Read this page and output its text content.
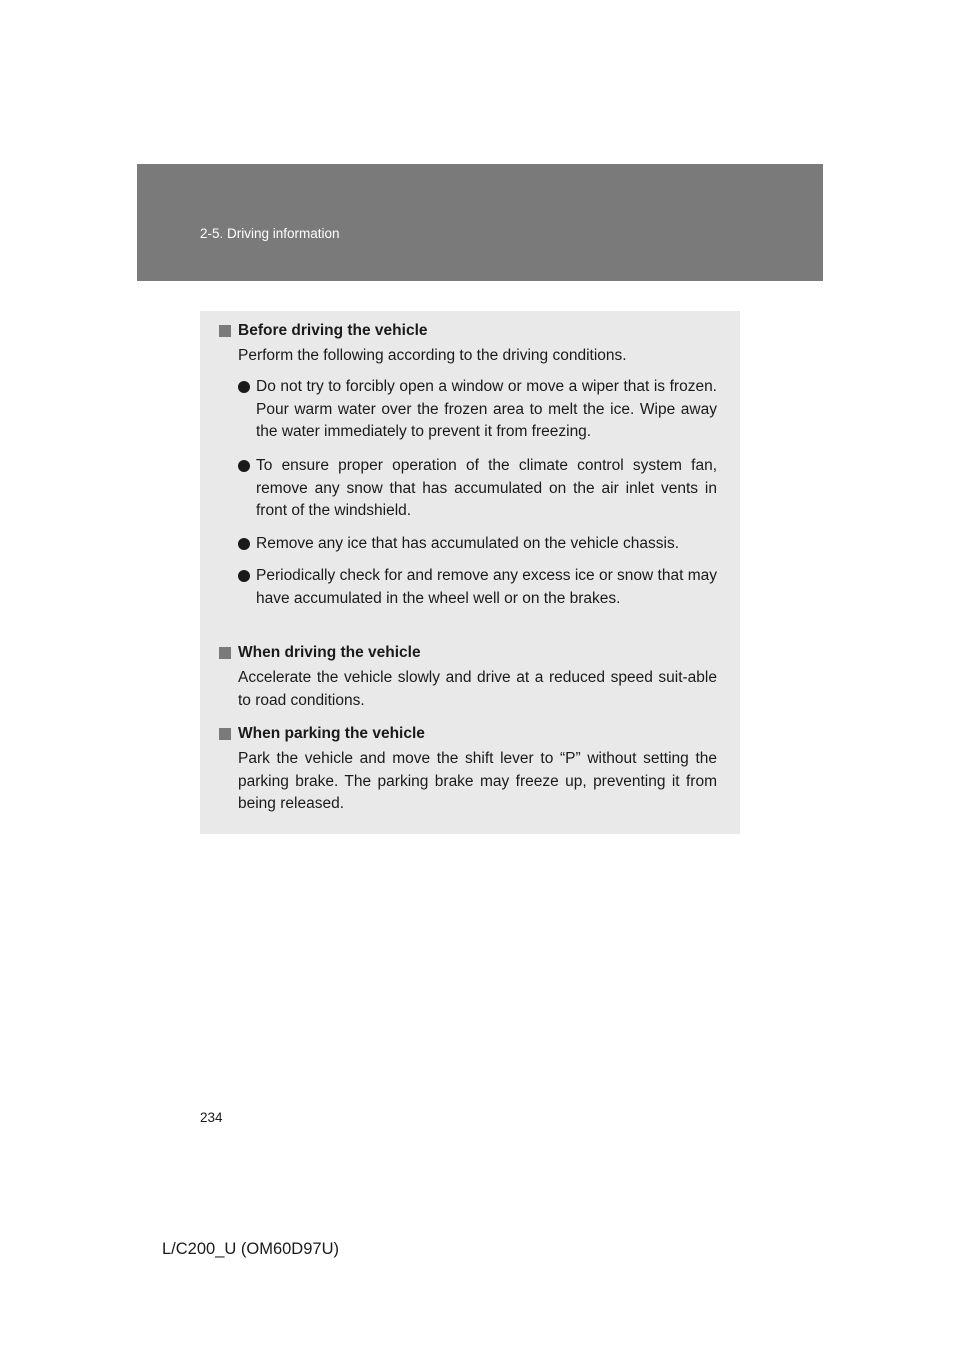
2-5. Driving information
Before driving the vehicle
Perform the following according to the driving conditions.
Do not try to forcibly open a window or move a wiper that is frozen. Pour warm water over the frozen area to melt the ice. Wipe away the water immediately to prevent it from freezing.
To ensure proper operation of the climate control system fan, remove any snow that has accumulated on the air inlet vents in front of the windshield.
Remove any ice that has accumulated on the vehicle chassis.
Periodically check for and remove any excess ice or snow that may have accumulated in the wheel well or on the brakes.
When driving the vehicle
Accelerate the vehicle slowly and drive at a reduced speed suit-able to road conditions.
When parking the vehicle
Park the vehicle and move the shift lever to “P” without setting the parking brake. The parking brake may freeze up, preventing it from being released.
234
L/C200_U (OM60D97U)
